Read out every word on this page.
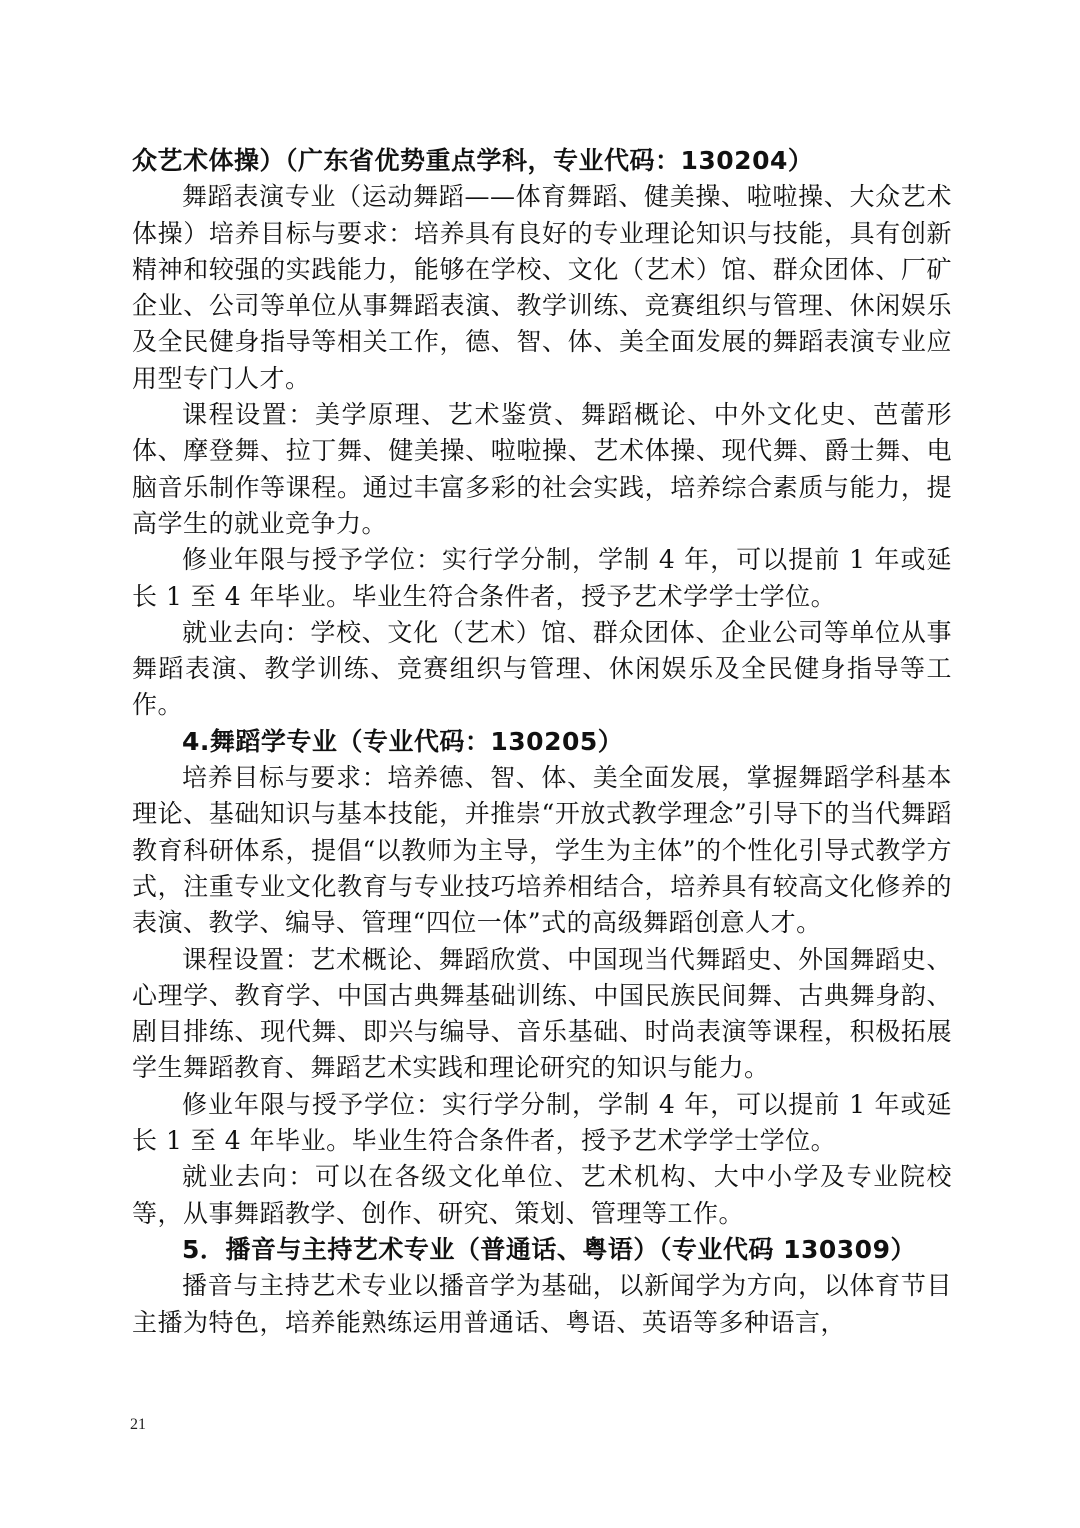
众艺术体操）（广东省优势重点学科，专业代码：130204）

舞蹈表演专业（运动舞蹈——体育舞蹈、健美操、啦啦操、大众艺术体操）培养目标与要求：培养具有良好的专业理论知识与技能，具有创新精神和较强的实践能力，能够在学校、文化（艺术）馆、群众团体、厂矿企业、公司等单位从事舞蹈表演、教学训练、竞赛组织与管理、休闲娱乐及全民健身指导等相关工作，德、智、体、美全面发展的舞蹈表演专业应用型专门人才。

课程设置：美学原理、艺术鉴赏、舞蹈概论、中外文化史、芭蕾形体、摩登舞、拉丁舞、健美操、啦啦操、艺术体操、现代舞、爵士舞、电脑音乐制作等课程。通过丰富多彩的社会实践，培养综合素质与能力，提高学生的就业竞争力。

修业年限与授予学位：实行学分制，学制 4 年，可以提前 1 年或延长 1 至 4 年毕业。毕业生符合条件者，授予艺术学学士学位。

就业去向：学校、文化（艺术）馆、群众团体、企业公司等单位从事舞蹈表演、教学训练、竞赛组织与管理、休闲娱乐及全民健身指导等工作。

4.舞蹈学专业（专业代码：130205）

培养目标与要求：培养德、智、体、美全面发展，掌握舞蹈学科基本理论、基础知识与基本技能，并推崇“开放式教学理念”引导下的当代舞蹈教育科研体系，提倡“以教师为主导，学生为主体”的个性化引导式教学方式，注重专业文化教育与专业技巧培养相结合，培养具有较高文化修养的表演、教学、编导、管理“四位一体”式的高级舞蹈创意人才。

课程设置：艺术概论、舞蹈欣赏、中国现当代舞蹈史、外国舞蹈史、心理学、教育学、中国古典舞基础训练、中国民族民间舞、古典舞身韵、剧目排练、现代舞、即兴与编导、音乐基础、时尚表演等课程，积极拓展学生舞蹈教育、舞蹈艺术实践和理论研究的知识与能力。

修业年限与授予学位：实行学分制，学制 4 年，可以提前 1 年或延长 1 至 4 年毕业。毕业生符合条件者，授予艺术学学士学位。

就业去向：可以在各级文化单位、艺术机构、大中小学及专业院校等，从事舞蹈教学、创作、研究、策划、管理等工作。

5．播音与主持艺术专业（普通话、粤语）（专业代码 130309）

播音与主持艺术专业以播音学为基础，以新闻学为方向，以体育节目主播为特色，培养能熟练运用普通话、粤语、英语等多种语言，

21
